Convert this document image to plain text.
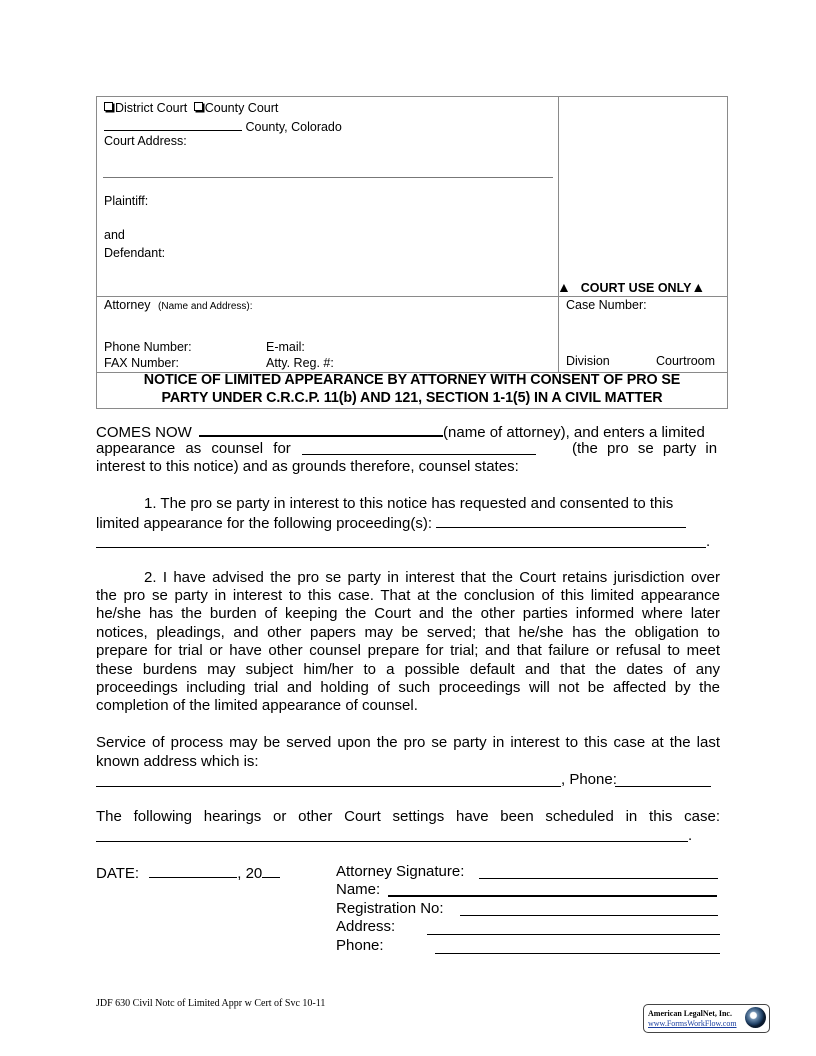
District Court County Court
County, Colorado
Court Address:
Plaintiff:
and
Defendant:
▲ COURT USE ONLY▲
Attorney (Name and Address):
Phone Number:	E-mail:
FAX Number:	Atty. Reg. #:
Case Number:
Division	Courtroom
NOTICE OF LIMITED APPEARANCE BY ATTORNEY WITH CONSENT OF PRO SE
PARTY UNDER C.R.C.P. 11(b) AND 121, SECTION 1-1(5) IN A CIVIL MATTER
COMES NOW	(name of attorney), and enters a limited
appearance as counsel for	(the pro se party in
interest to this notice) and as grounds therefore, counsel states:
1. The pro se party in interest to this notice has requested and consented to this
limited appearance for the following proceeding(s):
.
2. I have advised the pro se party in interest that the Court retains jurisdiction over
the pro se party in interest to this case. That at the conclusion of this limited appearance
he/she has the burden of keeping the Court and the other parties informed where later
notices, pleadings, and other papers may be served; that he/she has the obligation to
prepare for trial or have other counsel prepare for trial; and that failure or refusal to meet
these burdens may subject him/her to a possible default and that the dates of any
proceedings including trial and holding of such proceedings will not be affected by the
completion of the limited appearance of counsel.
Service of process may be served upon the pro se party in interest to this case at the last
known address which is:
, Phone:
The following hearings or other Court settings have been scheduled in this case:
.
DATE:	, 20	Attorney Signature:
Name:
Registration No:
Address:
Phone:
JDF 630 Civil Notc of Limited Appr w Cert of Svc 10-11
American LegalNet, Inc.
www.FormsWorkFlow.com
